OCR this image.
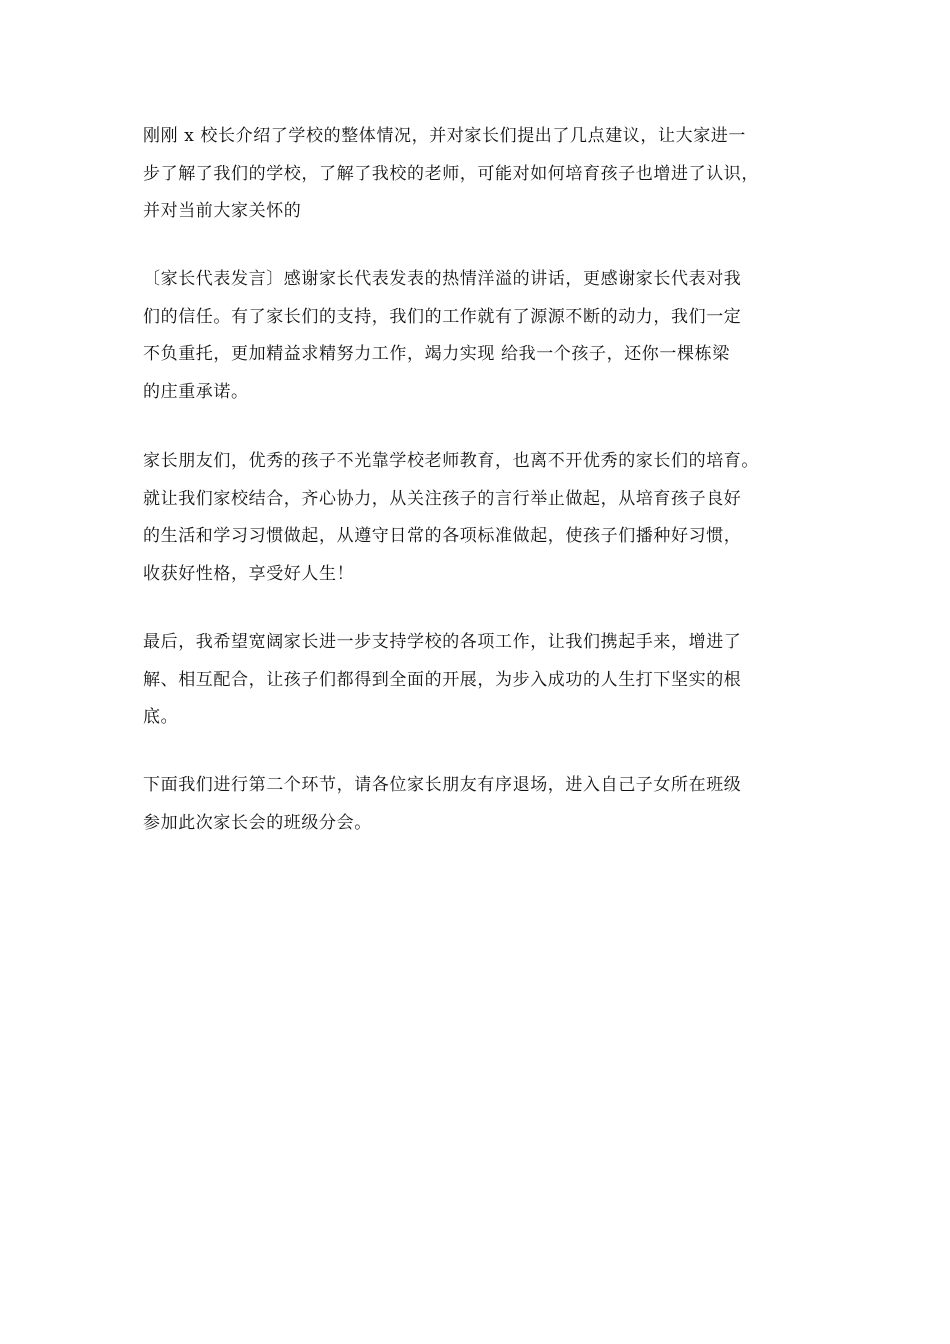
刚刚 x 校长介绍了学校的整体情况，并对家长们提出了几点建议，让大家进一
步了解了我们的学校，了解了我校的老师，可能对如何培育孩子也增进了认识，
并对当前大家关怀的
〔家长代表发言〕感谢家长代表发表的热情洋溢的讲话，更感谢家长代表对我
们的信任。有了家长们的支持，我们的工作就有了源源不断的动力，我们一定
不负重托，更加精益求精努力工作，竭力实现 给我一个孩子，还你一棵栋梁
的庄重承诺。
家长朋友们，优秀的孩子不光靠学校老师教育，也离不开优秀的家长们的培育。
就让我们家校结合，齐心协力，从关注孩子的言行举止做起，从培育孩子良好
的生活和学习习惯做起，从遵守日常的各项标准做起，使孩子们播种好习惯，
收获好性格，享受好人生！
最后，我希望宽阔家长进一步支持学校的各项工作，让我们携起手来，增进了
解、相互配合，让孩子们都得到全面的开展，为步入成功的人生打下坚实的根
底。
下面我们进行第二个环节，请各位家长朋友有序退场，进入自己子女所在班级
参加此次家长会的班级分会。
